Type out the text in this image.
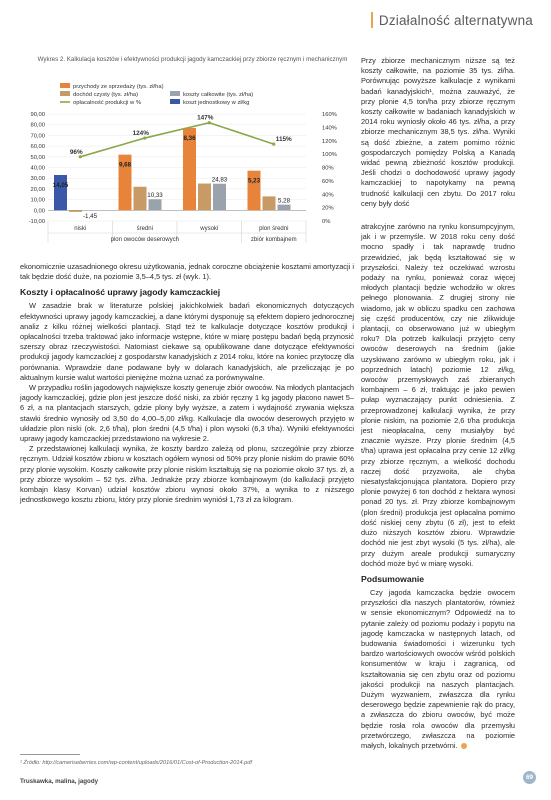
Działalność alternatywna
Wykres 2. Kalkulacja kosztów i efektywności produkcji jagody kamczackiej przy zbiorze ręcznym i mechanicznym
przychody ze sprzedaży (tys. zł/ha)
dochód czysty (tys. zł/ha)	koszty całkowite (tys. zł/ha)
koszt jednostkowy w zł/kg
opłacalność produkcji w %
90,00
80,00
70,00
60,00
50,00
40,00
30,00
20,00
10,00
0,00
-10,00
160%
140%
120%
100%
80%
60%
40%
20%
0%
14,05
9,68
8,36
5,23
-1,45
10,33
24,83
5,28
96%
124%
147%
115%
niski	średni	wysoki	plon średni
plon owoców deserowych	zbiór kombajnem

Przy zbiorze mechanicznym niższe są też koszty całkowite, na poziomie 35 tys. zł/ha. Porównując powyższe kalkulacje z wynikami badań kanadyjskich¹, można zauważyć, że przy plonie 4,5 ton/ha przy zbiorze ręcznym koszty całkowite w badaniach kanadyjskich w 2014 roku wyniosły około 46 tys. zł/ha, a przy zbiorze mechanicznym 38,5 tys. zł/ha. Wyniki są dość zbieżne, a zatem pomimo różnic gospodarczych pomiędzy Polską a Kanadą widać pewną zbieżność kosztów produkcji. Jeśli chodzi o dochodowość uprawy jagody kamczackiej to napotykamy na pewną trudność kalkulacji cen zbytu. Do 2017 roku ceny były dość

ekonomicznie uzasadnionego okresu użytkowania, jednak coroczne obciążenie kosztami amortyzacji i tak będzie dość duże, na poziomie 3,5–4,5 tys. zł (wyk. 1).

Koszty i opłacalność uprawy jagody kamczackiej

W zasadzie brak w literaturze polskiej jakichkolwiek badań ekonomicznych dotyczących efektywności uprawy jagody kamczackiej, a dane którymi dysponuję są efektem dopiero jednorocznej analiz z kilku różnej wielkości plantacji. Stąd też te kalkulacje dotyczące kosztów produkcji i opłacalności trzeba traktować jako informacje wstępne, które w miarę postępu badań będą przynosić szerszy obraz rzeczywistości. Natomiast ciekawe są opublikowane dane dotyczące efektywności produkcji jagody kamczackiej z gospodarstw kanadyjskich z 2014 roku, które na koniec przytoczę dla porównania. Wprawdzie dane podawane były w dolarach kanadyjskich, ale przeliczając je po aktualnym kursie walut wartości pieniężne można uznać za porównywalne.

W przypadku roślin jagodowych największe koszty generuje zbiór owoców. Na młodych plantacjach jagody kamczackiej, gdzie plon jest jeszcze dość niski, za zbiór ręczny 1 kg jagody płacono nawet 5–6 zł, a na plantacjach starszych, gdzie plony były wyższe, a zatem i wydajność zrywania większa stawki średnio wynosiły od 3,50 do 4,00–5,00 zł/kg. Kalkulacje dla owoców deserowych przyjęto w układzie plon niski (ok. 2,6 t/ha), plon średni (4,5 t/ha) i plon wysoki (6,3 t/ha). Wyniki efektywności uprawy jagody kamczackiej przedstawiono na wykresie 2.

Z przedstawionej kalkulacji wynika, że koszty bardzo zależą od plonu, szczególnie przy zbiorze ręcznym. Udział kosztów zbioru w kosztach ogółem wynosi od 50% przy plonie niskim do prawie 60% przy plonie wysokim. Koszty całkowite przy plonie niskim kształtują się na poziomie około 37 tys. zł, a przy zbiorze wysokim – 52 tys. zł/ha. Jednakże przy zbiorze kombajnowym (do kalkulacji przyjęto kombajn klasy Korvan) udział kosztów zbioru wynosi około 37%, a wynika to z niższego jednostkowego kosztu zbioru, który przy plonie średnim wyniósł 1,73 zł za kilogram.

atrakcyjne zarówno na rynku konsumpcyjnym, jak i w przemyśle. W 2018 roku ceny dość mocno spadły i tak naprawdę trudno przewidzieć, jak będą kształtować się w przyszłości. Należy też oczekiwać wzrostu podaży na rynku, ponieważ coraz więcej młodych plantacji będzie wchodziło w okres pełnego plonowania. Z drugiej strony nie wiadomo, jak w obliczu spadku cen zachowa się część producentów, czy nie zlikwiduje plantacji, co obserwowano już w ubiegłym roku? Dla potrzeb kalkulacji przyjęto ceny owoców deserowych na średnim (jakie uzyskiwano zarówno w ubiegłym roku, jak i poprzednich latach) poziomie 12 zł/kg, owoców przemysłowych zaś zbieranych kombajnem – 6 zł, traktując je jako pewien pułap wyznaczający punkt odniesienia. Z przeprowadzonej kalkulacji wynika, że przy plonie niskim, na poziomie 2,6 t/ha produkcja jest nieopłacalna, ceny musiałyby być znacznie wyższe. Przy plonie średnim (4,5 t/ha) uprawa jest opłacalna przy cenie 12 zł/kg przy zbiorze ręcznym, a wielkość dochodu raczej dość przyzwoita, ale chyba niesatysfakcjonująca plantatora. Dopiero przy plonie powyżej 6 ton dochód z hektara wynosi ponad 20 tys. zł. Przy zbiorze kombajnowym (plon średni) produkcja jest opłacalna pomimo dość niskiej ceny zbytu (6 zł), jest to efekt dużo niższych kosztów zbioru. Wprawdzie dochód nie jest zbyt wysoki (5 tys. zł/ha), ale przy dużym areale produkcji sumaryczny dochód może być w miarę wysoki.

Podsumowanie

Czy jagoda kamczacka będzie owocem przyszłości dla naszych plantatorów, również w sensie ekonomicznym? Odpowiedź na to pytanie zależy od poziomu podaży i popytu na jagodę kamczacka w następnych latach, od budowania świadomości i wizerunku tych bardzo wartościowych owoców wśród polskich konsumentów w kraju i zagranicą, od kształtowania się cen zbytu oraz od poziomu jakości produkcji na naszych plantacjach. Dużym wyzwaniem, zwłaszcza dla rynku deserowego będzie zapewnienie rąk do pracy, a zwłaszcza do zbioru owoców, być może będzie rosła rola owoców dla przemysłu przetwórczego, zwłaszcza na poziomie małych, lokalnych przetwórni.

¹ Źródło: http://cameriseberries.com/wp-content/uploads/2016/01/Cost-of-Production-2014.pdf
Truskawka, malina, jagody
69
